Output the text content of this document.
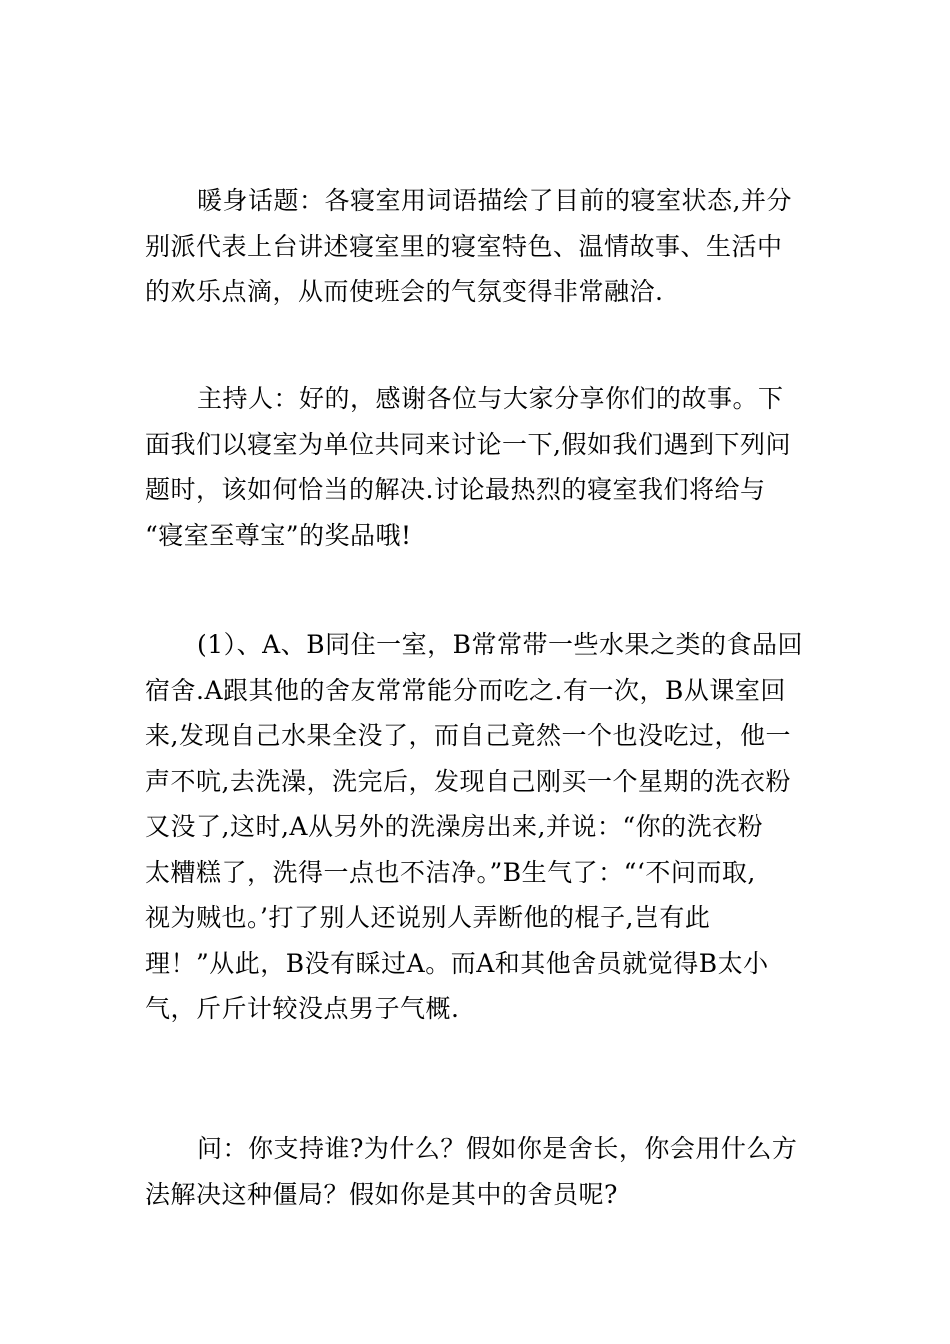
暖身话题：各寝室用词语描绘了目前的寝室状态,并分
别派代表上台讲述寝室里的寝室特色、温情故事、生活中
的欢乐点滴，从而使班会的气氛变得非常融洽.
主持人：好的，感谢各位与大家分享你们的故事。下
面我们以寝室为单位共同来讨论一下,假如我们遇到下列问
题时，该如何恰当的解决.讨论最热烈的寝室我们将给与
“寝室至尊宝”的奖品哦!
(1）、A、B同住一室，B常常带一些水果之类的食品回
宿舍.A跟其他的舍友常常能分而吃之.有一次，B从课室回
来,发现自己水果全没了，而自己竟然一个也没吃过，他一
声不吭,去洗澡，洗完后，发现自己刚买一个星期的洗衣粉
又没了,这时,A从另外的洗澡房出来,并说：“你的洗衣粉
太糟糕了，洗得一点也不洁净。”B生气了：“‘不问而取,
视为贼也。’打了别人还说别人弄断他的棍子,岂有此
理！”从此，B没有睬过A。而A和其他舍员就觉得B太小
气，斤斤计较没点男子气概.
问：你支持谁?为什么？假如你是舍长，你会用什么方
法解决这种僵局？假如你是其中的舍员呢?
